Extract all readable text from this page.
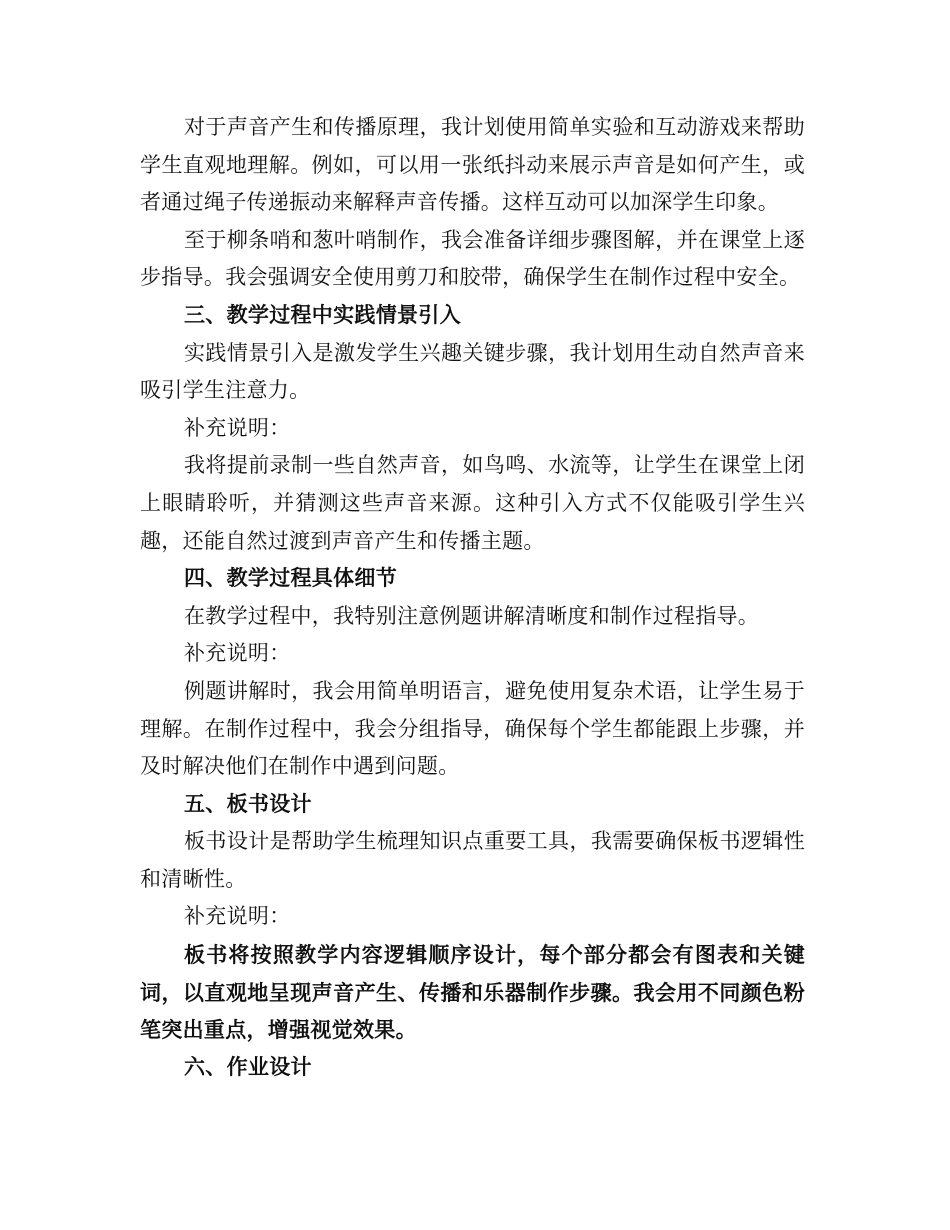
对于声音产生和传播原理，我计划使用简单实验和互动游戏来帮助学生直观地理解。例如，可以用一张纸抖动来展示声音是如何产生，或者通过绳子传递振动来解释声音传播。这样互动可以加深学生印象。

至于柳条哨和葱叶哨制作，我会准备详细步骤图解，并在课堂上逐步指导。我会强调安全使用剪刀和胶带，确保学生在制作过程中安全。

三、教学过程中实践情景引入

实践情景引入是激发学生兴趣关键步骤，我计划用生动自然声音来吸引学生注意力。

补充说明：

我将提前录制一些自然声音，如鸟鸣、水流等，让学生在课堂上闭上眼睛聆听，并猜测这些声音来源。这种引入方式不仅能吸引学生兴趣，还能自然过渡到声音产生和传播主题。

四、教学过程具体细节

在教学过程中，我特别注意例题讲解清晰度和制作过程指导。

补充说明：

例题讲解时，我会用简单明语言，避免使用复杂术语，让学生易于理解。在制作过程中，我会分组指导，确保每个学生都能跟上步骤，并及时解决他们在制作中遇到问题。

五、板书设计

板书设计是帮助学生梳理知识点重要工具，我需要确保板书逻辑性和清晰性。

补充说明：

板书将按照教学内容逻辑顺序设计，每个部分都会有图表和关键词，以直观地呈现声音产生、传播和乐器制作步骤。我会用不同颜色粉笔突出重点，增强视觉效果。

六、作业设计
